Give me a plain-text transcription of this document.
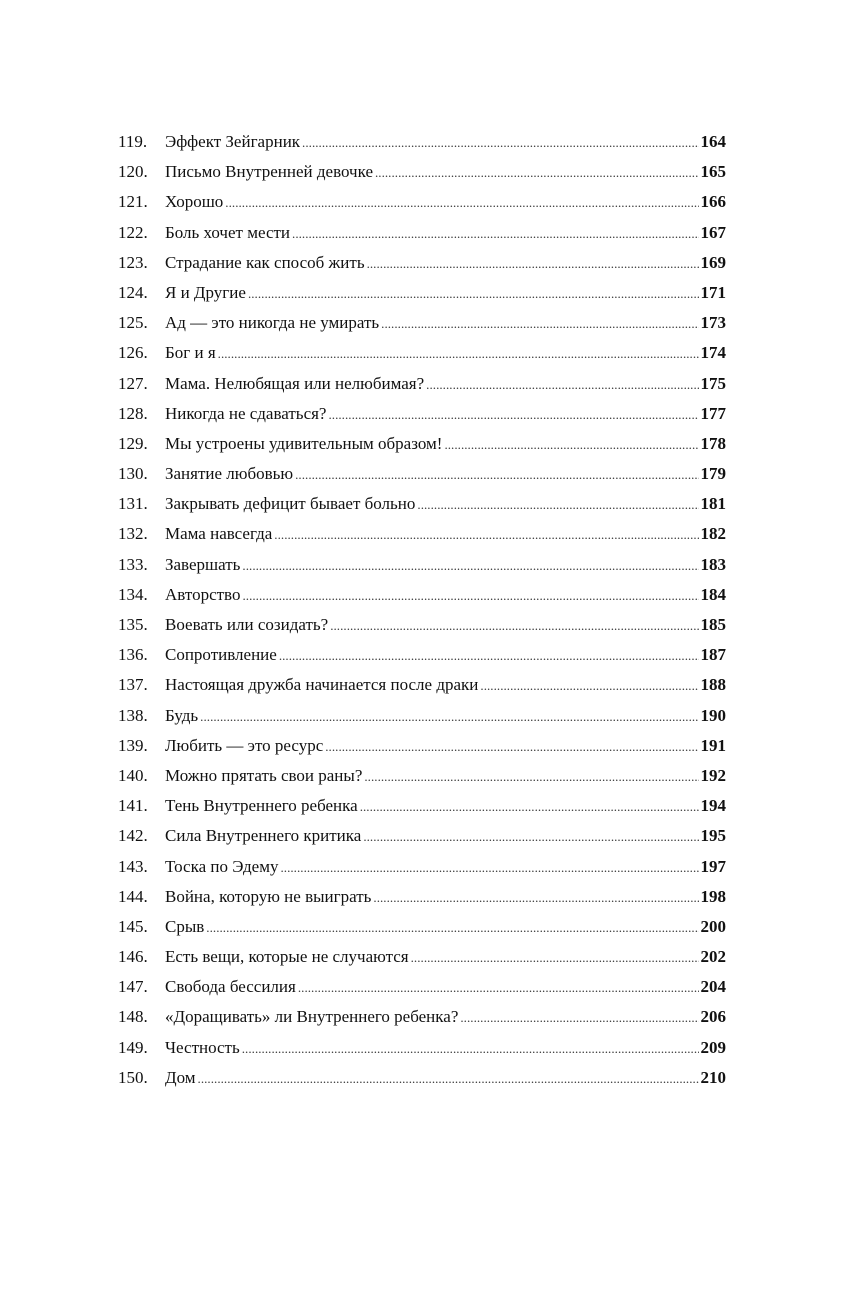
119.	Эффект Зейгарник . . .	164
120.	Письмо Внутренней девочке . . .	165
121.	Хорошо . . .	166
122.	Боль хочет мести . . .	167
123.	Страдание как способ жить . . .	169
124.	Я и Другие . . .	171
125.	Ад — это никогда не умирать . . .	173
126.	Бог и я . . .	174
127.	Мама. Нелюбящая или нелюбимая? . . .	175
128.	Никогда не сдаваться? . . .	177
129.	Мы устроены удивительным образом! . . .	178
130.	Занятие любовью . . .	179
131.	Закрывать дефицит бывает больно . . .	181
132.	Мама навсегда . . .	182
133.	Завершать . . .	183
134.	Авторство . . .	184
135.	Воевать или созидать? . . .	185
136.	Сопротивление . . .	187
137.	Настоящая дружба начинается после драки . . .	188
138.	Будь . . .	190
139.	Любить — это ресурс . . .	191
140.	Можно прятать свои раны? . . .	192
141.	Тень Внутреннего ребенка . . .	194
142.	Сила Внутреннего критика . . .	195
143.	Тоска по Эдему . . .	197
144.	Война, которую не выиграть . . .	198
145.	Срыв . . .	200
146.	Есть вещи, которые не случаются . . .	202
147.	Свобода бессилия . . .	204
148.	«Доращивать» ли Внутреннего ребенка? . . .	206
149.	Честность . . .	209
150.	Дом . . .	210
